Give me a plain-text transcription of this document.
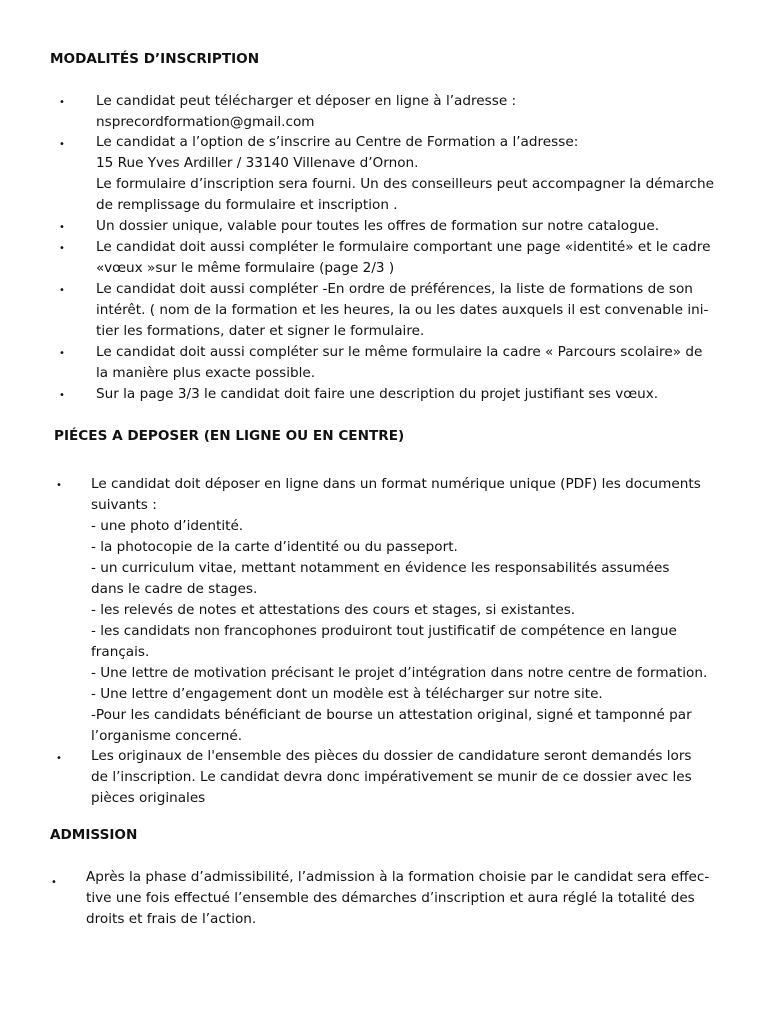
MODALITÉS D’INSCRIPTION
• Le candidat peut télécharger et déposer en ligne à l’adresse :
nsprecordformation@gmail.com
• Le candidat a l’option de s’inscrire au Centre de Formation a l’adresse:
15 Rue Yves Ardiller / 33140 Villenave d’Ornon.
Le formulaire d’inscription sera fourni. Un des conseilleurs peut accompagner la démarche
de remplissage du formulaire et inscription .
• Un dossier unique, valable pour toutes les offres de formation sur notre catalogue.
• Le candidat doit aussi compléter le formulaire comportant une page «identité» et le cadre
«vœux »sur le même formulaire (page 2/3 )
• Le candidat doit aussi compléter -En ordre de préférences, la liste de formations de son
intérêt. ( nom de la formation et les heures, la ou les dates auxquels il est convenable ini-
tier les formations, dater et signer le formulaire.
• Le candidat doit aussi compléter sur le même formulaire la cadre « Parcours scolaire» de
la manière plus exacte possible.
• Sur la page 3/3 le candidat doit faire une description du projet justifiant ses vœux.
PIÉCES A DEPOSER (EN LIGNE OU EN CENTRE)
• Le candidat doit déposer en ligne dans un format numérique unique (PDF) les documents
suivants :
- une photo d’identité.
- la photocopie de la carte d’identité ou du passeport.
- un curriculum vitae, mettant notamment en évidence les responsabilités assumées
dans le cadre de stages.
- les relevés de notes et attestations des cours et stages, si existantes.
- les candidats non francophones produiront tout justificatif de compétence en langue
français.
- Une lettre de motivation précisant le projet d’intégration dans notre centre de formation.
- Une lettre d’engagement dont un modèle est à télécharger sur notre site.
-Pour les candidats bénéficiant de bourse un attestation original, signé et tamponné par
l’organisme concerné.
• Les originaux de l'ensemble des pièces du dossier de candidature seront demandés lors
de l’inscription. Le candidat devra donc impérativement se munir de ce dossier avec les
pièces originales
ADMISSION
• Après la phase d’admissibilité, l’admission à la formation choisie par le candidat sera effec-
tive une fois effectué l’ensemble des démarches d’inscription et aura réglé la totalité des
droits et frais de l’action.
